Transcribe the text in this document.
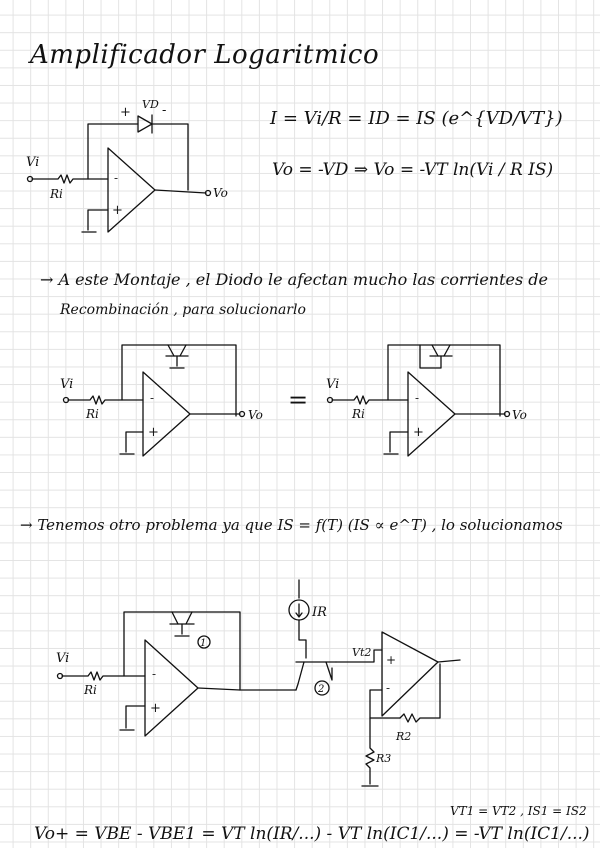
Amplificador Logaritmico
I = Vi/R = ID = IS (e^{VD/VT})
Vo = -VD ⇒ Vo = -VT ln(Vi / R IS)
→ A este Montaje , el Diodo le afectan mucho las corrientes de
Recombinación , para solucionarlo
→ Tenemos otro problema ya que IS = f(T) (IS ∝ e^T) , lo solucionamos
VT1 = VT2 , IS1 = IS2
Vo+ = VBE - VBE1 = VT ln(IR/...) - VT ln(IC1/...) = -VT ln(IC1/...)
Vi
Ri	Vo
VD
+ -
-
+
Vi
Ri	Vo
-
+
=
Vi
Ri	Vo
-
+
Vi
Ri
-
+
1
2
IR
Vt2
+
-
R2
R3
